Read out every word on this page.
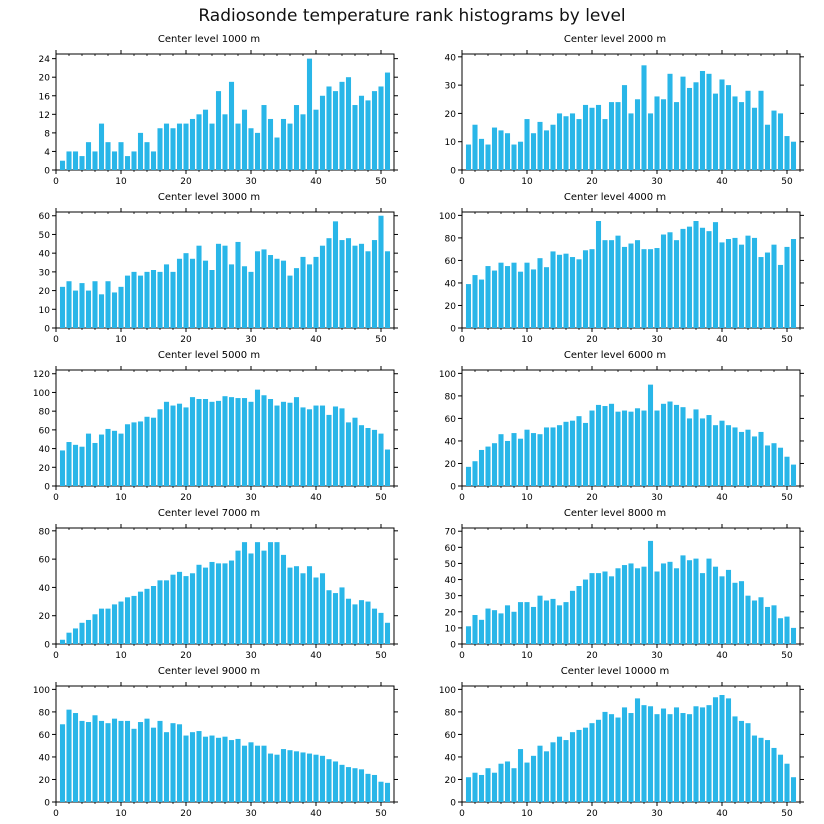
Radiosonde temperature rank histograms by level
Center level 1000 m
0
4
8
12
16
20
24
0	10	20	30	40	50
Center level 2000 m
0
10
20
30
40
0	10	20	30	40	50
Center level 3000 m
0
10
20
30
40
50
60
0	10	20	30	40	50
Center level 4000 m
0
20
40
60
80
100
0	10	20	30	40	50
Center level 5000 m
0
20
40
60
80
100
120
0	10	20	30	40	50
Center level 6000 m
0
20
40
60
80
100
0	10	20	30	40	50
Center level 7000 m
0
20
40
60
80
0	10	20	30	40	50
Center level 8000 m
0
10
20
30
40
50
60
70
0	10	20	30	40	50
Center level 9000 m
0
20
40
60
80
100
0	10	20	30	40	50
Center level 10000 m
0
20
40
60
80
100
0	10	20	30	40	50
